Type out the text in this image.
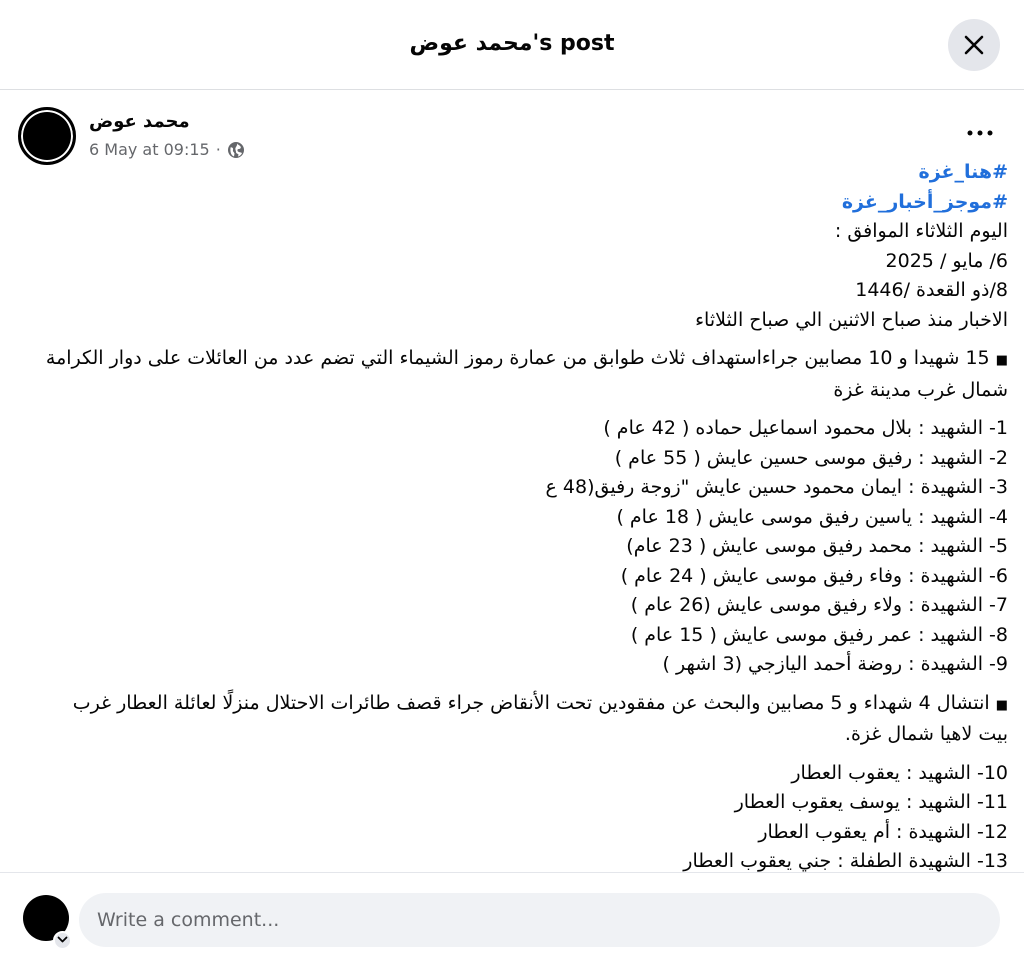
محمد عوض's post
محمد عوض
6 May at 09:15 ·
#هنا_غزة
#موجز_أخبار_غزة
اليوم الثلاثاء الموافق :
6/ مايو / 2025
8/ذو القعدة /1446
الاخبار منذ صباح الاثنين الي صباح الثلاثاء
■ 15 شهيدا و 10 مصابين جراءاستهداف ثلاث طوابق من عمارة رموز الشيماء التي تضم عدد من العائلات على دوار الكرامة شمال غرب مدينة غزة
1- الشهيد : بلال محمود اسماعيل حماده ( 42 عام )
2- الشهيد : رفيق موسى حسين عايش ( 55 عام )
3- الشهيدة : ايمان محمود حسين عايش "زوجة رفيق(48 ع
4- الشهيد : ياسين رفيق موسى عايش ( 18 عام )
5- الشهيد : محمد رفيق موسى عايش ( 23 عام)
6- الشهيدة : وفاء رفيق موسى عايش ( 24 عام )
7- الشهيدة : ولاء رفيق موسى عايش (26 عام )
8- الشهيد : عمر رفيق موسى عايش ( 15 عام )
9- الشهيدة : روضة أحمد اليازجي (3 اشهر )
■ انتشال 4 شهداء و 5 مصابين والبحث عن مفقودين تحت الأنقاض جراء قصف طائرات الاحتلال منزلًا لعائلة العطار غرب بيت لاهيا شمال غزة.
10- الشهيد : يعقوب العطار
11- الشهيد : يوسف يعقوب العطار
12- الشهيدة : أم يعقوب العطار
13- الشهيدة الطفلة : جني يعقوب العطار
Write a comment...
